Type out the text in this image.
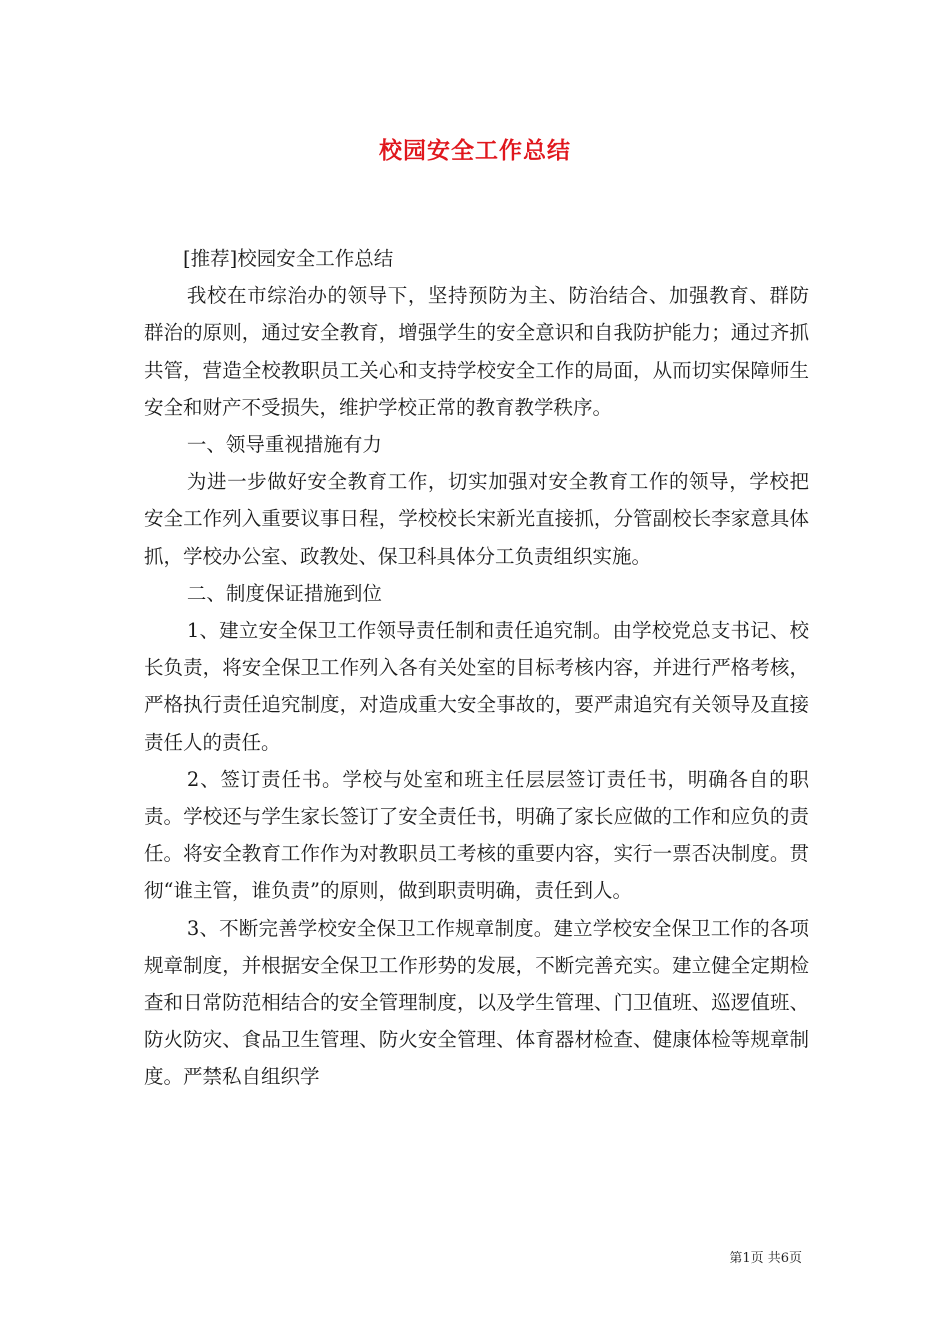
校园安全工作总结

[推荐]校园安全工作总结

我校在市综治办的领导下，坚持预防为主、防治结合、加强教育、群防群治的原则，通过安全教育，增强学生的安全意识和自我防护能力；通过齐抓共管，营造全校教职员工关心和支持学校安全工作的局面，从而切实保障师生安全和财产不受损失，维护学校正常的教育教学秩序。

一、领导重视措施有力

为进一步做好安全教育工作，切实加强对安全教育工作的领导，学校把安全工作列入重要议事日程，学校校长宋新光直接抓，分管副校长李家意具体抓，学校办公室、政教处、保卫科具体分工负责组织实施。

二、制度保证措施到位

1、建立安全保卫工作领导责任制和责任追究制。由学校党总支书记、校长负责，将安全保卫工作列入各有关处室的目标考核内容，并进行严格考核，严格执行责任追究制度，对造成重大安全事故的，要严肃追究有关领导及直接责任人的责任。

2、签订责任书。学校与处室和班主任层层签订责任书，明确各自的职责。学校还与学生家长签订了安全责任书，明确了家长应做的工作和应负的责任。将安全教育工作作为对教职员工考核的重要内容，实行一票否决制度。贯彻“谁主管，谁负责”的原则，做到职责明确，责任到人。

3、不断完善学校安全保卫工作规章制度。建立学校安全保卫工作的各项规章制度，并根据安全保卫工作形势的发展，不断完善充实。建立健全定期检查和日常防范相结合的安全管理制度，以及学生管理、门卫值班、巡逻值班、防火防灾、食品卫生管理、防火安全管理、体育器材检查、健康体检等规章制度。严禁私自组织学

第1页 共6页
